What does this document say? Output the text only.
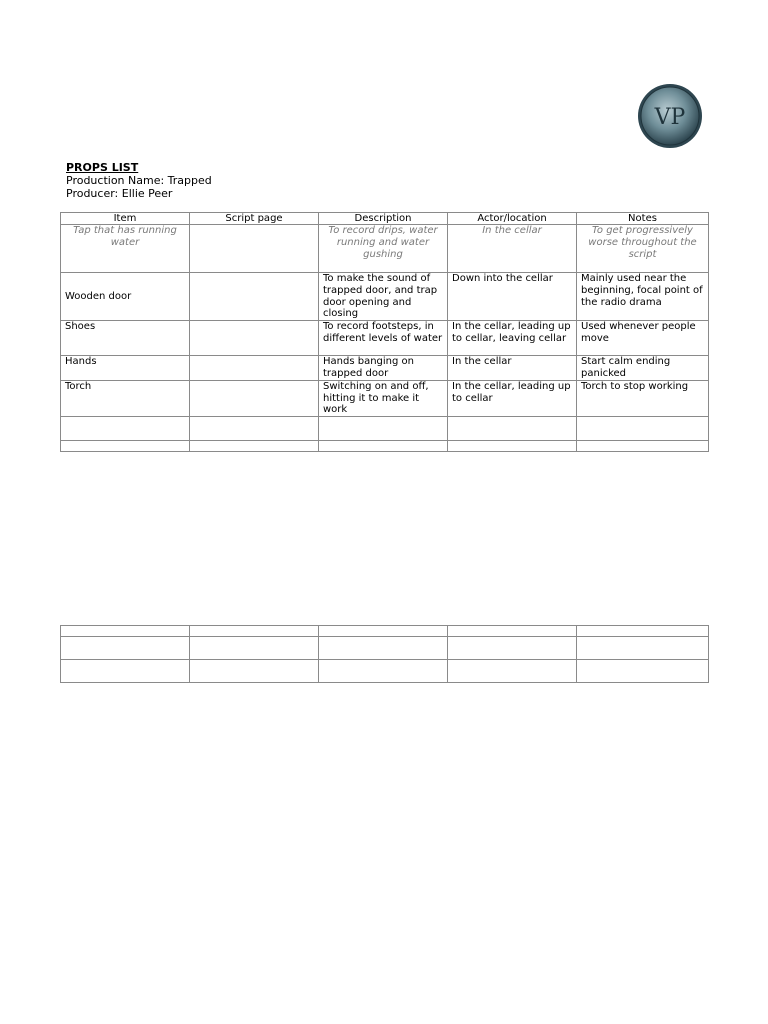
VP
PROPS LIST
Production Name: Trapped
Producer: Ellie Peer
Item	Script page	Description	Actor/location	Notes
Tap that has running water		To record drips, water running and water gushing	In the cellar	To get progressively worse throughout the script
Wooden door		To make the sound of trapped door, and trap door opening and closing	Down into the cellar	Mainly used near the beginning, focal point of the radio drama
Shoes		To record footsteps, in different levels of water	In the cellar, leading up to cellar, leaving cellar	Used whenever people move
Hands		Hands banging on trapped door	In the cellar	Start calm ending panicked
Torch		Switching on and off, hitting it to make it work	In the cellar, leading up to cellar	Torch to stop working
